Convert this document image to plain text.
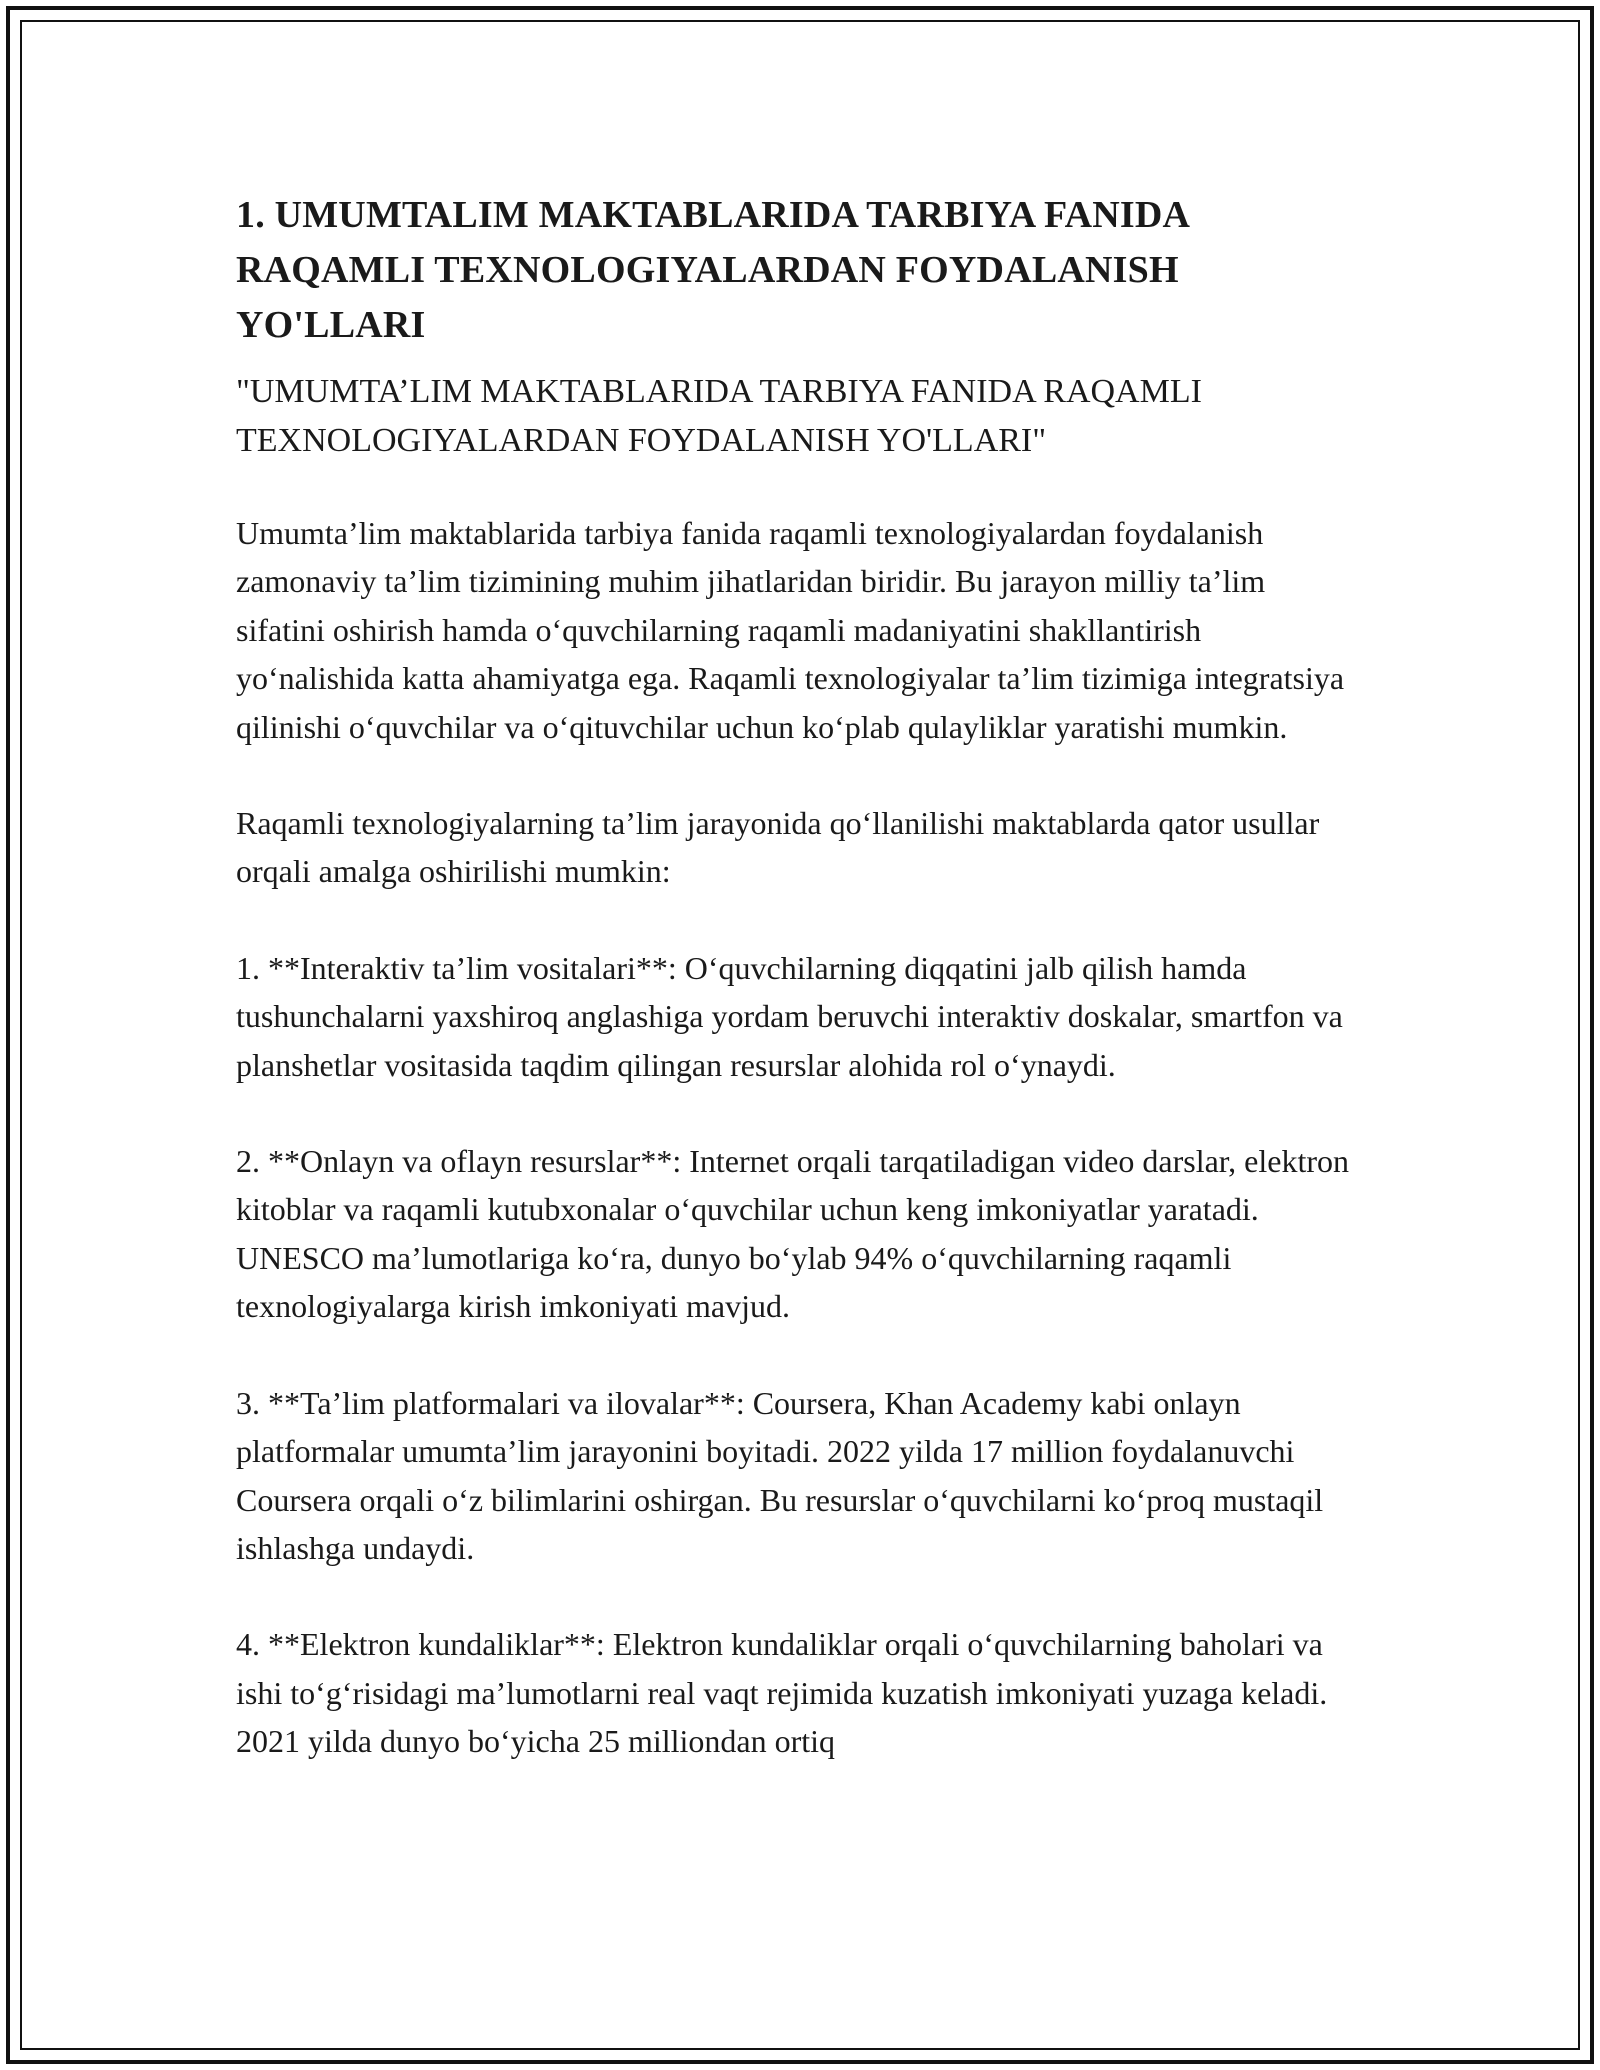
1. UMUMTALIM MAKTABLARIDA TARBIYA FANIDA RAQAMLI TEXNOLOGIYALARDAN FOYDALANISH YO'LLARI
"UMUMTA’LIM MAKTABLARIDA TARBIYA FANIDA RAQAMLI TEXNOLOGIYALARDAN FOYDALANISH YO'LLARI"

Umumta’lim maktablarida tarbiya fanida raqamli texnologiyalardan foydalanish zamonaviy ta’lim tizimining muhim jihatlaridan biridir. Bu jarayon milliy ta’lim sifatini oshirish hamda o‘quvchilarning raqamli madaniyatini shakllantirish yo‘nalishida katta ahamiyatga ega. Raqamli texnologiyalar ta’lim tizimiga integratsiya qilinishi o‘quvchilar va o‘qituvchilar uchun ko‘plab qulayliklar yaratishi mumkin.

Raqamli texnologiyalarning ta’lim jarayonida qo‘llanilishi maktablarda qator usullar orqali amalga oshirilishi mumkin:

1. **Interaktiv ta’lim vositalari**: O‘quvchilarning diqqatini jalb qilish hamda tushunchalarni yaxshiroq anglashiga yordam beruvchi interaktiv doskalar, smartfon va planshetlar vositasida taqdim qilingan resurslar alohida rol o‘ynaydi.

2. **Onlayn va oflayn resurslar**: Internet orqali tarqatiladigan video darslar, elektron kitoblar va raqamli kutubxonalar o‘quvchilar uchun keng imkoniyatlar yaratadi. UNESCO ma’lumotlariga ko‘ra, dunyo bo‘ylab 94% o‘quvchilarning raqamli texnologiyalarga kirish imkoniyati mavjud.

3. **Ta’lim platformalari va ilovalar**: Coursera, Khan Academy kabi onlayn platformalar umumta’lim jarayonini boyitadi. 2022 yilda 17 million foydalanuvchi Coursera orqali o‘z bilimlarini oshirgan. Bu resurslar o‘quvchilarni ko‘proq mustaqil ishlashga undaydi.

4. **Elektron kundaliklar**: Elektron kundaliklar orqali o‘quvchilarning baholari va ishi to‘g‘risidagi ma’lumotlarni real vaqt rejimida kuzatish imkoniyati yuzaga keladi. 2021 yilda dunyo bo‘yicha 25 milliondan ortiq
